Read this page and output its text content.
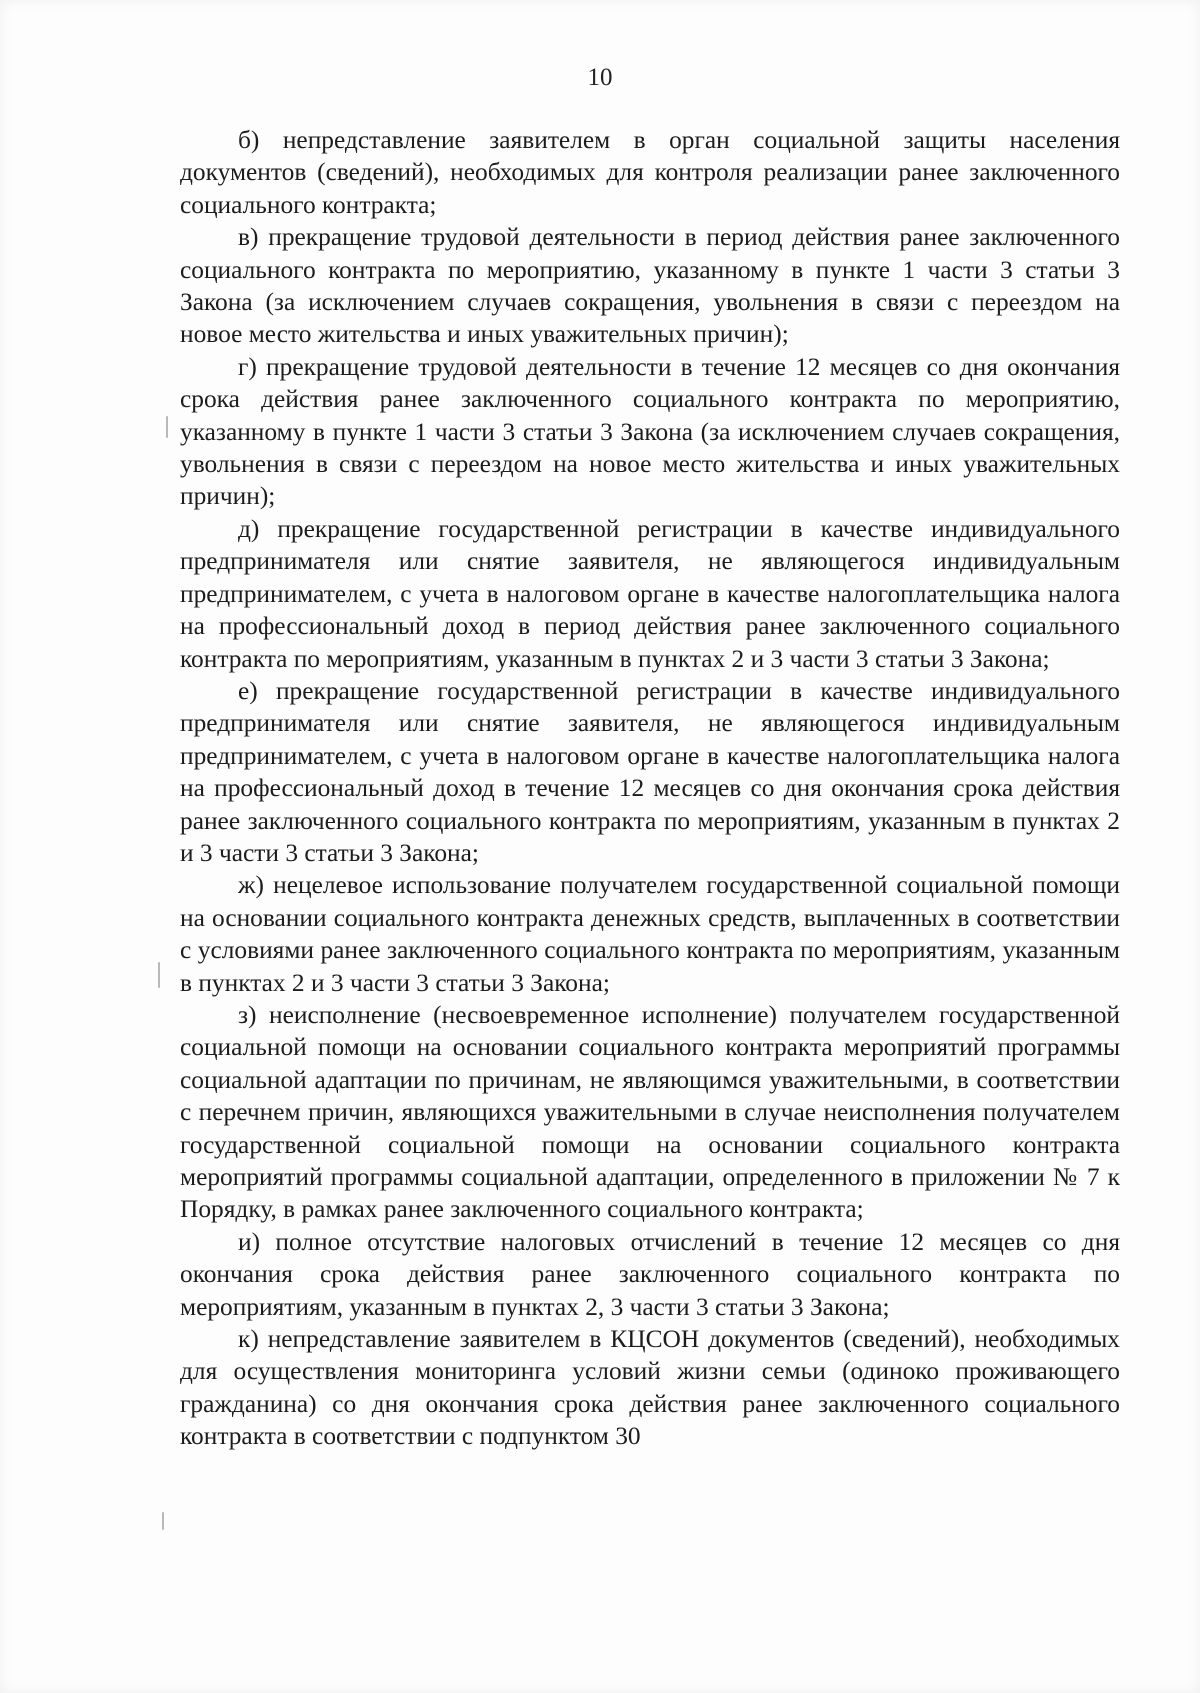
10

б) непредставление заявителем в орган социальной защиты населения документов (сведений), необходимых для контроля реализации ранее заключенного социального контракта;

в) прекращение трудовой деятельности в период действия ранее заключенного социального контракта по мероприятию, указанному в пункте 1 части 3 статьи 3 Закона (за исключением случаев сокращения, увольнения в связи с переездом на новое место жительства и иных уважительных причин);

г) прекращение трудовой деятельности в течение 12 месяцев со дня окончания срока действия ранее заключенного социального контракта по мероприятию, указанному в пункте 1 части 3 статьи 3 Закона (за исключением случаев сокращения, увольнения в связи с переездом на новое место жительства и иных уважительных причин);

д) прекращение государственной регистрации в качестве индивидуального предпринимателя или снятие заявителя, не являющегося индивидуальным предпринимателем, с учета в налоговом органе в качестве налогоплательщика налога на профессиональный доход в период действия ранее заключенного социального контракта по мероприятиям, указанным в пунктах 2 и 3 части 3 статьи 3 Закона;

е) прекращение государственной регистрации в качестве индивидуального предпринимателя или снятие заявителя, не являющегося индивидуальным предпринимателем, с учета в налоговом органе в качестве налогоплательщика налога на профессиональный доход в течение 12 месяцев со дня окончания срока действия ранее заключенного социального контракта по мероприятиям, указанным в пунктах 2 и 3 части 3 статьи 3 Закона;

ж) нецелевое использование получателем государственной социальной помощи на основании социального контракта денежных средств, выплаченных в соответствии с условиями ранее заключенного социального контракта по мероприятиям, указанным в пунктах 2 и 3 части 3 статьи 3 Закона;

з) неисполнение (несвоевременное исполнение) получателем государственной социальной помощи на основании социального контракта мероприятий программы социальной адаптации по причинам, не являющимся уважительными, в соответствии с перечнем причин, являющихся уважительными в случае неисполнения получателем государственной социальной помощи на основании социального контракта мероприятий программы социальной адаптации, определенного в приложении № 7 к Порядку, в рамках ранее заключенного социального контракта;

и) полное отсутствие налоговых отчислений в течение 12 месяцев со дня окончания срока действия ранее заключенного социального контракта по мероприятиям, указанным в пунктах 2, 3 части 3 статьи 3 Закона;

к) непредставление заявителем в КЦСОН документов (сведений), необходимых для осуществления мониторинга условий жизни семьи (одиноко проживающего гражданина) со дня окончания срока действия ранее заключенного социального контракта в соответствии с подпунктом 30
